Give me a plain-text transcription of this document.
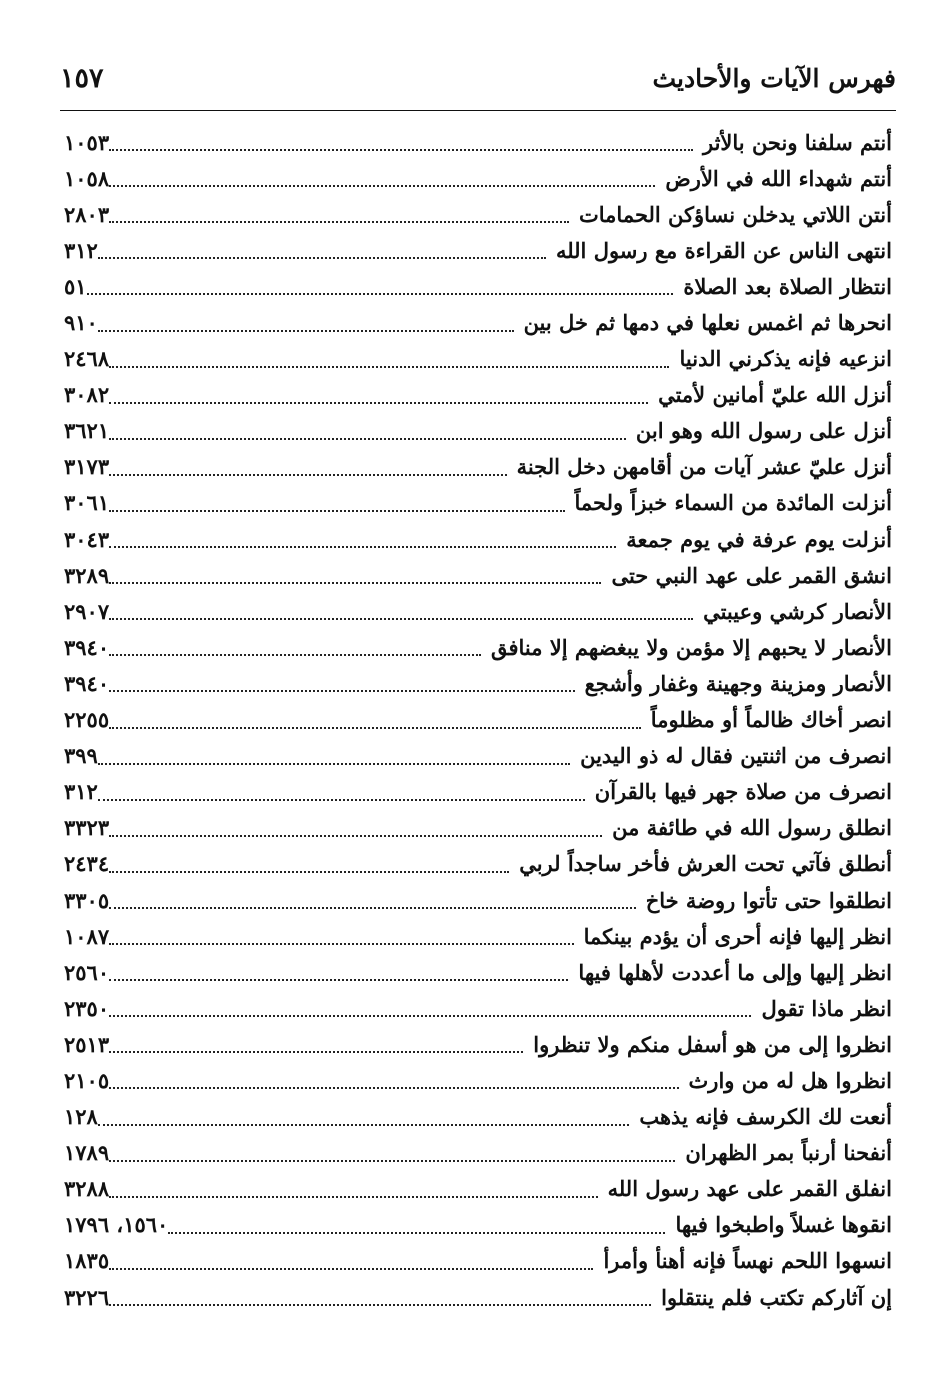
١٥٧	فهرس الآيات والأحاديث
أنتم سلفنا ونحن بالأثر
١٠٥٣
أنتم شهداء الله في الأرض
١٠٥٨
أنتن اللاتي يدخلن نساؤكن الحمامات
٢٨٠٣
انتهى الناس عن القراءة مع رسول الله
٣١٢
انتظار الصلاة بعد الصلاة
٥١
انحرها ثم اغمس نعلها في دمها ثم خل بين
٩١٠
انزعيه فإنه يذكرني الدنيا
٢٤٦٨
أنزل الله عليّ أمانين لأمتي
٣٠٨٢
أنزل على رسول الله وهو ابن
٣٦٢١
أنزل عليّ عشر آيات من أقامهن دخل الجنة
٣١٧٣
أنزلت المائدة من السماء خبزاً ولحماً
٣٠٦١
أنزلت يوم عرفة في يوم جمعة
٣٠٤٣
انشق القمر على عهد النبي حتى
٣٢٨٩
الأنصار كرشي وعيبتي
٢٩٠٧
الأنصار لا يحبهم إلا مؤمن ولا يبغضهم إلا منافق
٣٩٤٠
الأنصار ومزينة وجهينة وغفار وأشجع
٣٩٤٠
انصر أخاك ظالماً أو مظلوماً
٢٢٥٥
انصرف من اثنتين فقال له ذو اليدين
٣٩٩
انصرف من صلاة جهر فيها بالقرآن
٣١٢
انطلق رسول الله في طائفة من
٣٣٢٣
أنطلق فآتي تحت العرش فأخر ساجداً لربي
٢٤٣٤
انطلقوا حتى تأتوا روضة خاخ
٣٣٠٥
انظر إليها فإنه أحرى أن يؤدم بينكما
١٠٨٧
انظر إليها وإلى ما أعددت لأهلها فيها
٢٥٦٠
انظر ماذا تقول
٢٣٥٠
انظروا إلى من هو أسفل منكم ولا تنظروا
٢٥١٣
انظروا هل له من وارث
٢١٠٥
أنعت لك الكرسف فإنه يذهب
١٢٨
أنفحنا أرنباً بمر الظهران
١٧٨٩
انفلق القمر على عهد رسول الله
٣٢٨٨
انقوها غسلاً واطبخوا فيها
١٥٦٠، ١٧٩٦
انسهوا اللحم نهساً فإنه أهنأ وأمرأ
١٨٣٥
إن آثاركم تكتب فلم ينتقلوا
٣٢٢٦
